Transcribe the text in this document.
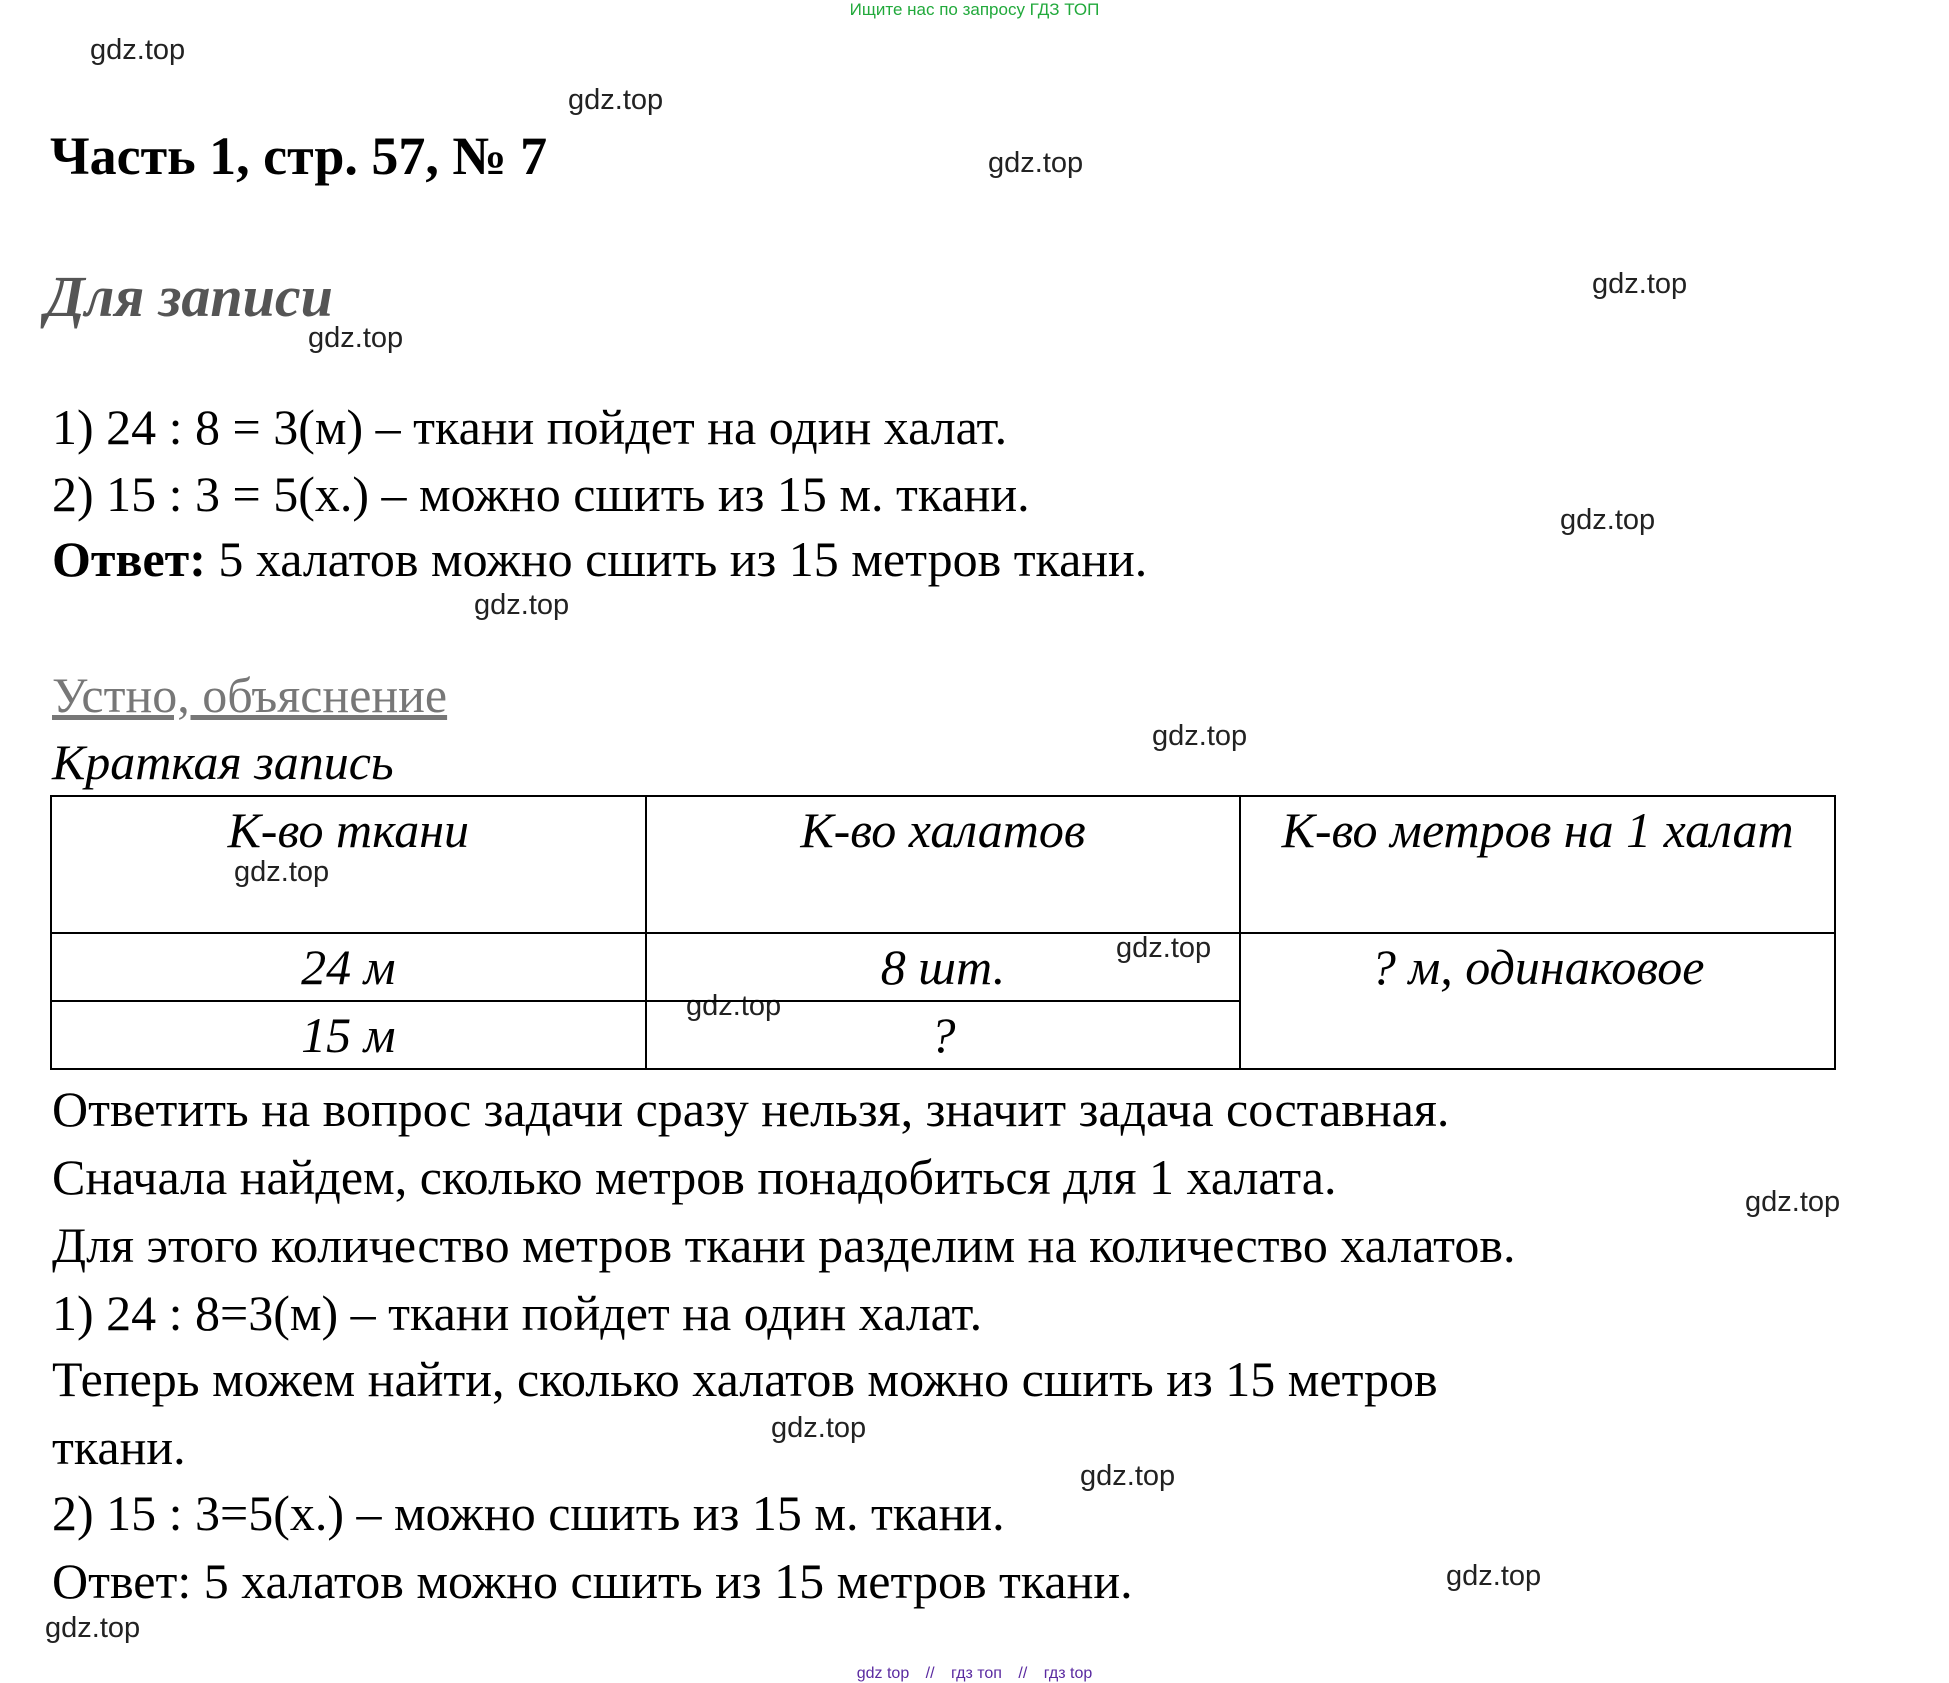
Ищите нас по запросу ГДЗ ТОП
gdz.top
gdz.top
gdz.top
gdz.top
gdz.top
gdz.top
gdz.top
gdz.top
gdz.top
gdz.top
gdz.top
gdz.top
gdz.top
gdz.top
gdz.top
gdz.top
Часть 1, стр. 57, № 7
Для записи
1) 24 : 8 = 3(м) – ткани пойдет на один халат.
2) 15 : 3 = 5(х.) – можно сшить из 15 м. ткани.
Ответ: 5 халатов можно сшить из 15 метров ткани.
Устно, объяснение
Краткая запись
К-во ткани	К-во халатов	К-во метров на 1 халат
24 м	8 шт.	? м, одинаковое
15 м	?	
Ответить на вопрос задачи сразу нельзя, значит задача составная.
Сначала найдем, сколько метров понадобиться для 1 халата.
Для этого количество метров ткани разделим на количество халатов.
1) 24 : 8=3(м) – ткани пойдет на один халат.
Теперь можем найти, сколько халатов можно сшить из 15 метров
ткани.
2) 15 : 3=5(х.) – можно сшить из 15 м. ткани.
Ответ: 5 халатов можно сшить из 15 метров ткани.
gdz top // гдз топ // гдз top
